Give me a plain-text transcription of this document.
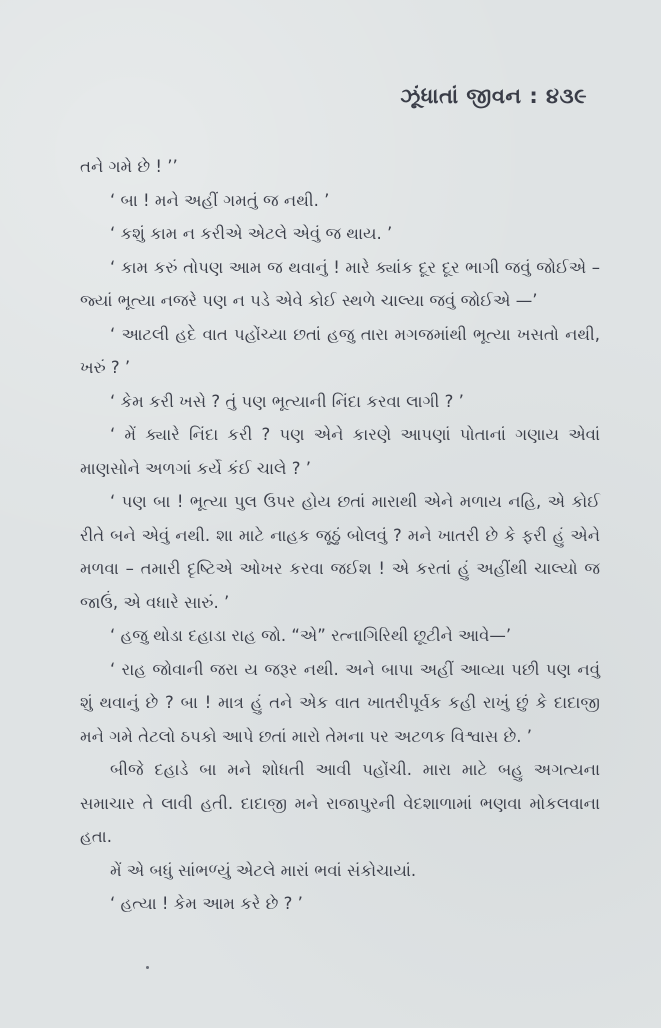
ઝૂંધાતાં જીવન : ૪૩૯

તને ગમે છે ! ’’

‘ બા ! મને અહીં ગમતું જ નથી. ’

‘ કશું કામ ન કરીએ એટલે એવું જ થાય. ’

‘ કામ કરું તોપણ આમ જ થવાનું ! મારે ક્યાંક દૂર દૂર ભાગી જવું જોઈએ – જ્યાં ભૂત્યા નજરે પણ ન પડે એવે કોઈ સ્થળે ચાલ્યા જવું જોઈએ —’

‘ આટલી હદે વાત પહોંચ્યા છતાં હજુ તારા મગજમાંથી ભૂત્યા ખસતો નથી, ખરું ? ’

‘ કેમ કરી ખસે ? તું પણ ભૂત્યાની નિંદા કરવા લાગી ? ’

‘ મેં ક્યારે નિંદા કરી ? પણ એને કારણે આપણાં પોતાનાં ગણાય એવાં માણસોને અળગાં કર્યે કંઈ ચાલે ? ’

‘ પણ બા ! ભૂત્યા પુલ ઉપર હોય છતાં મારાથી એને મળાય નહિ, એ કોઈ રીતે બને એવું નથી. શા માટે નાહક જૂઠું બોલવું ? મને ખાતરી છે કે ફરી હું એને મળવા – તમારી દૃષ્ટિએ ઓખર કરવા જઈશ ! એ કરતાં હું અહીંથી ચાલ્યો જ જાઉં, એ વધારે સારું. ’

‘ હજુ થોડા દહાડા રાહ જો. “એ” રત્નાગિરિથી છૂટીને આવે—’

‘ રાહ જોવાની જરા ય જરૂર નથી. અને બાપા અહીં આવ્યા પછી પણ નવું શું થવાનું છે ? બા ! માત્ર હું તને એક વાત ખાતરીપૂર્વક કહી રાખું છું કે દાદાજી મને ગમે તેટલો ઠપકો આપે છતાં મારો તેમના પર અટળક વિશ્વાસ છે. ’

બીજે દહાડે બા મને શોધતી આવી પહોંચી. મારા માટે બહુ અગત્યના સમાચાર તે લાવી હતી. દાદાજી મને રાજાપુરની વેદશાળામાં ભણવા મોકલવાના હતા.

મેં એ બધું સાંભળ્યું એટલે મારાં ભવાં સંકોચાયાં.

‘ હત્યા ! કેમ આમ કરે છે ? ’
